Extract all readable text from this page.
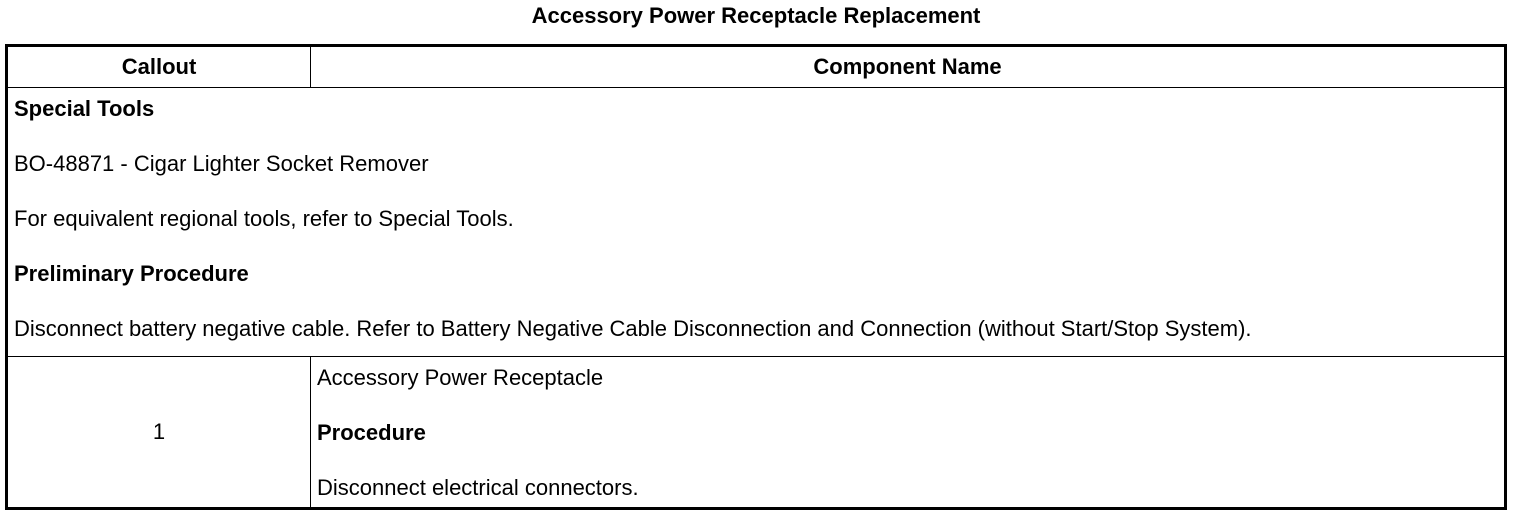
Accessory Power Receptacle Replacement
Callout	Component Name

Special Tools

BO-48871 - Cigar Lighter Socket Remover

For equivalent regional tools, refer to Special Tools.

Preliminary Procedure

Disconnect battery negative cable. Refer to Battery Negative Cable Disconnection and Connection (without Start/Stop System).	

1	Accessory Power Receptacle

Procedure

Disconnect electrical connectors.
